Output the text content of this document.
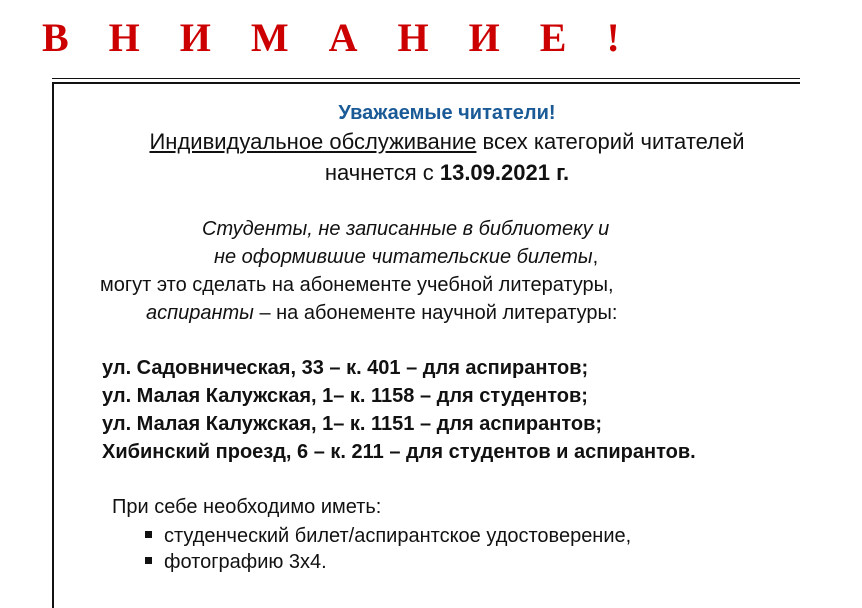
В Н И М А Н И Е !
Уважаемые читатели!
Индивидуальное обслуживание всех категорий читателей
начнется с 13.09.2021 г.
Студенты, не записанные в библиотеку и
не оформившие читательские билеты,
могут это сделать на абонементе учебной литературы,
аспиранты – на абонементе научной литературы:
ул. Садовническая, 33 – к. 401 – для аспирантов;
ул. Малая Калужская, 1– к. 1158 – для студентов;
ул. Малая Калужская, 1– к. 1151 – для аспирантов;
Хибинский проезд, 6 – к. 211 – для студентов и аспирантов.
При себе необходимо иметь:
студенческий билет/аспирантское удостоверение,
фотографию 3х4.
